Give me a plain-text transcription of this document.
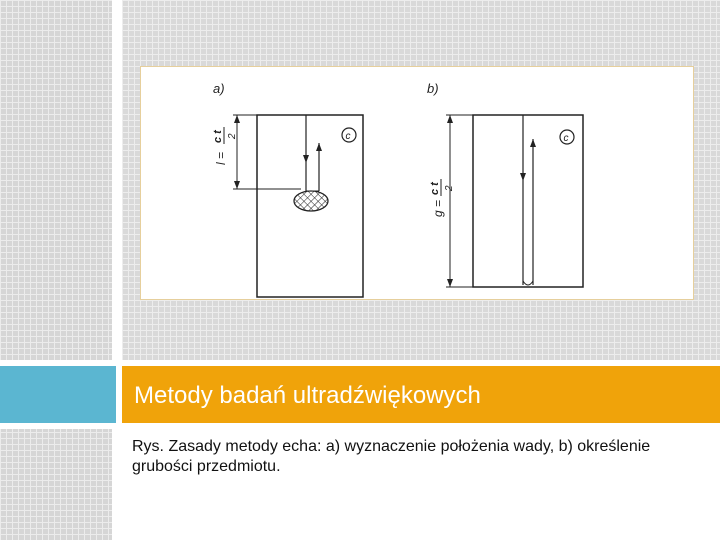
a)
c
l =
c t 2
b)
c
g =
c t 2
Metody badań ultradźwiękowych
Rys. Zasady metody echa: a) wyznaczenie położenia wady, b) określenie grubości przedmiotu.
